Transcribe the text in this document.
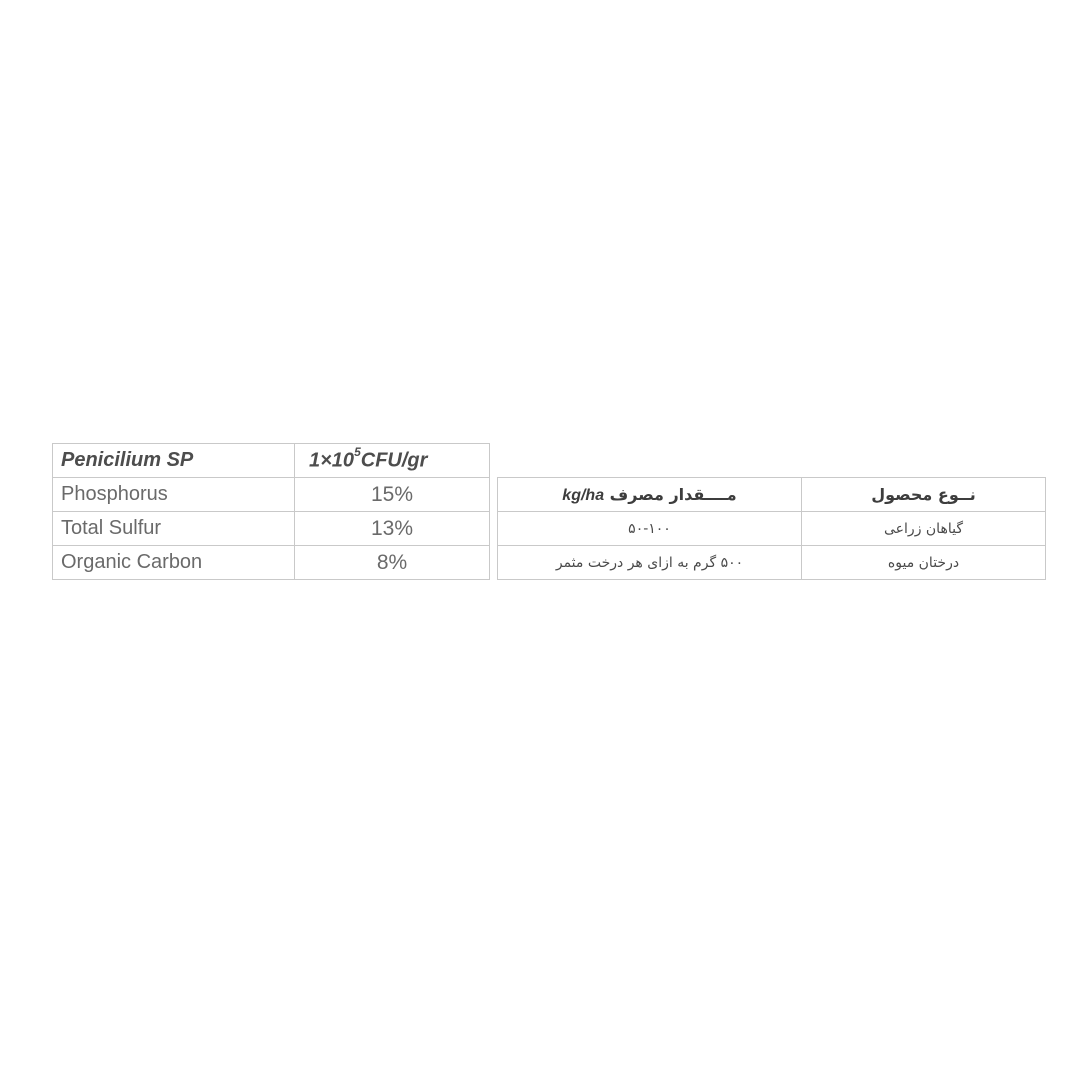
Penicilium SP	$1\times 10^5CFU/gr$
Phosphorus	15%
Total Sulfur	13%
Organic Carbon	8%
نــوع محصول	مــــقدار مصرف kg/ha
گیاهان زراعی	۵۰-۱۰۰
درختان میوه	۵۰۰ گرم به ازای هر درخت مثمر
